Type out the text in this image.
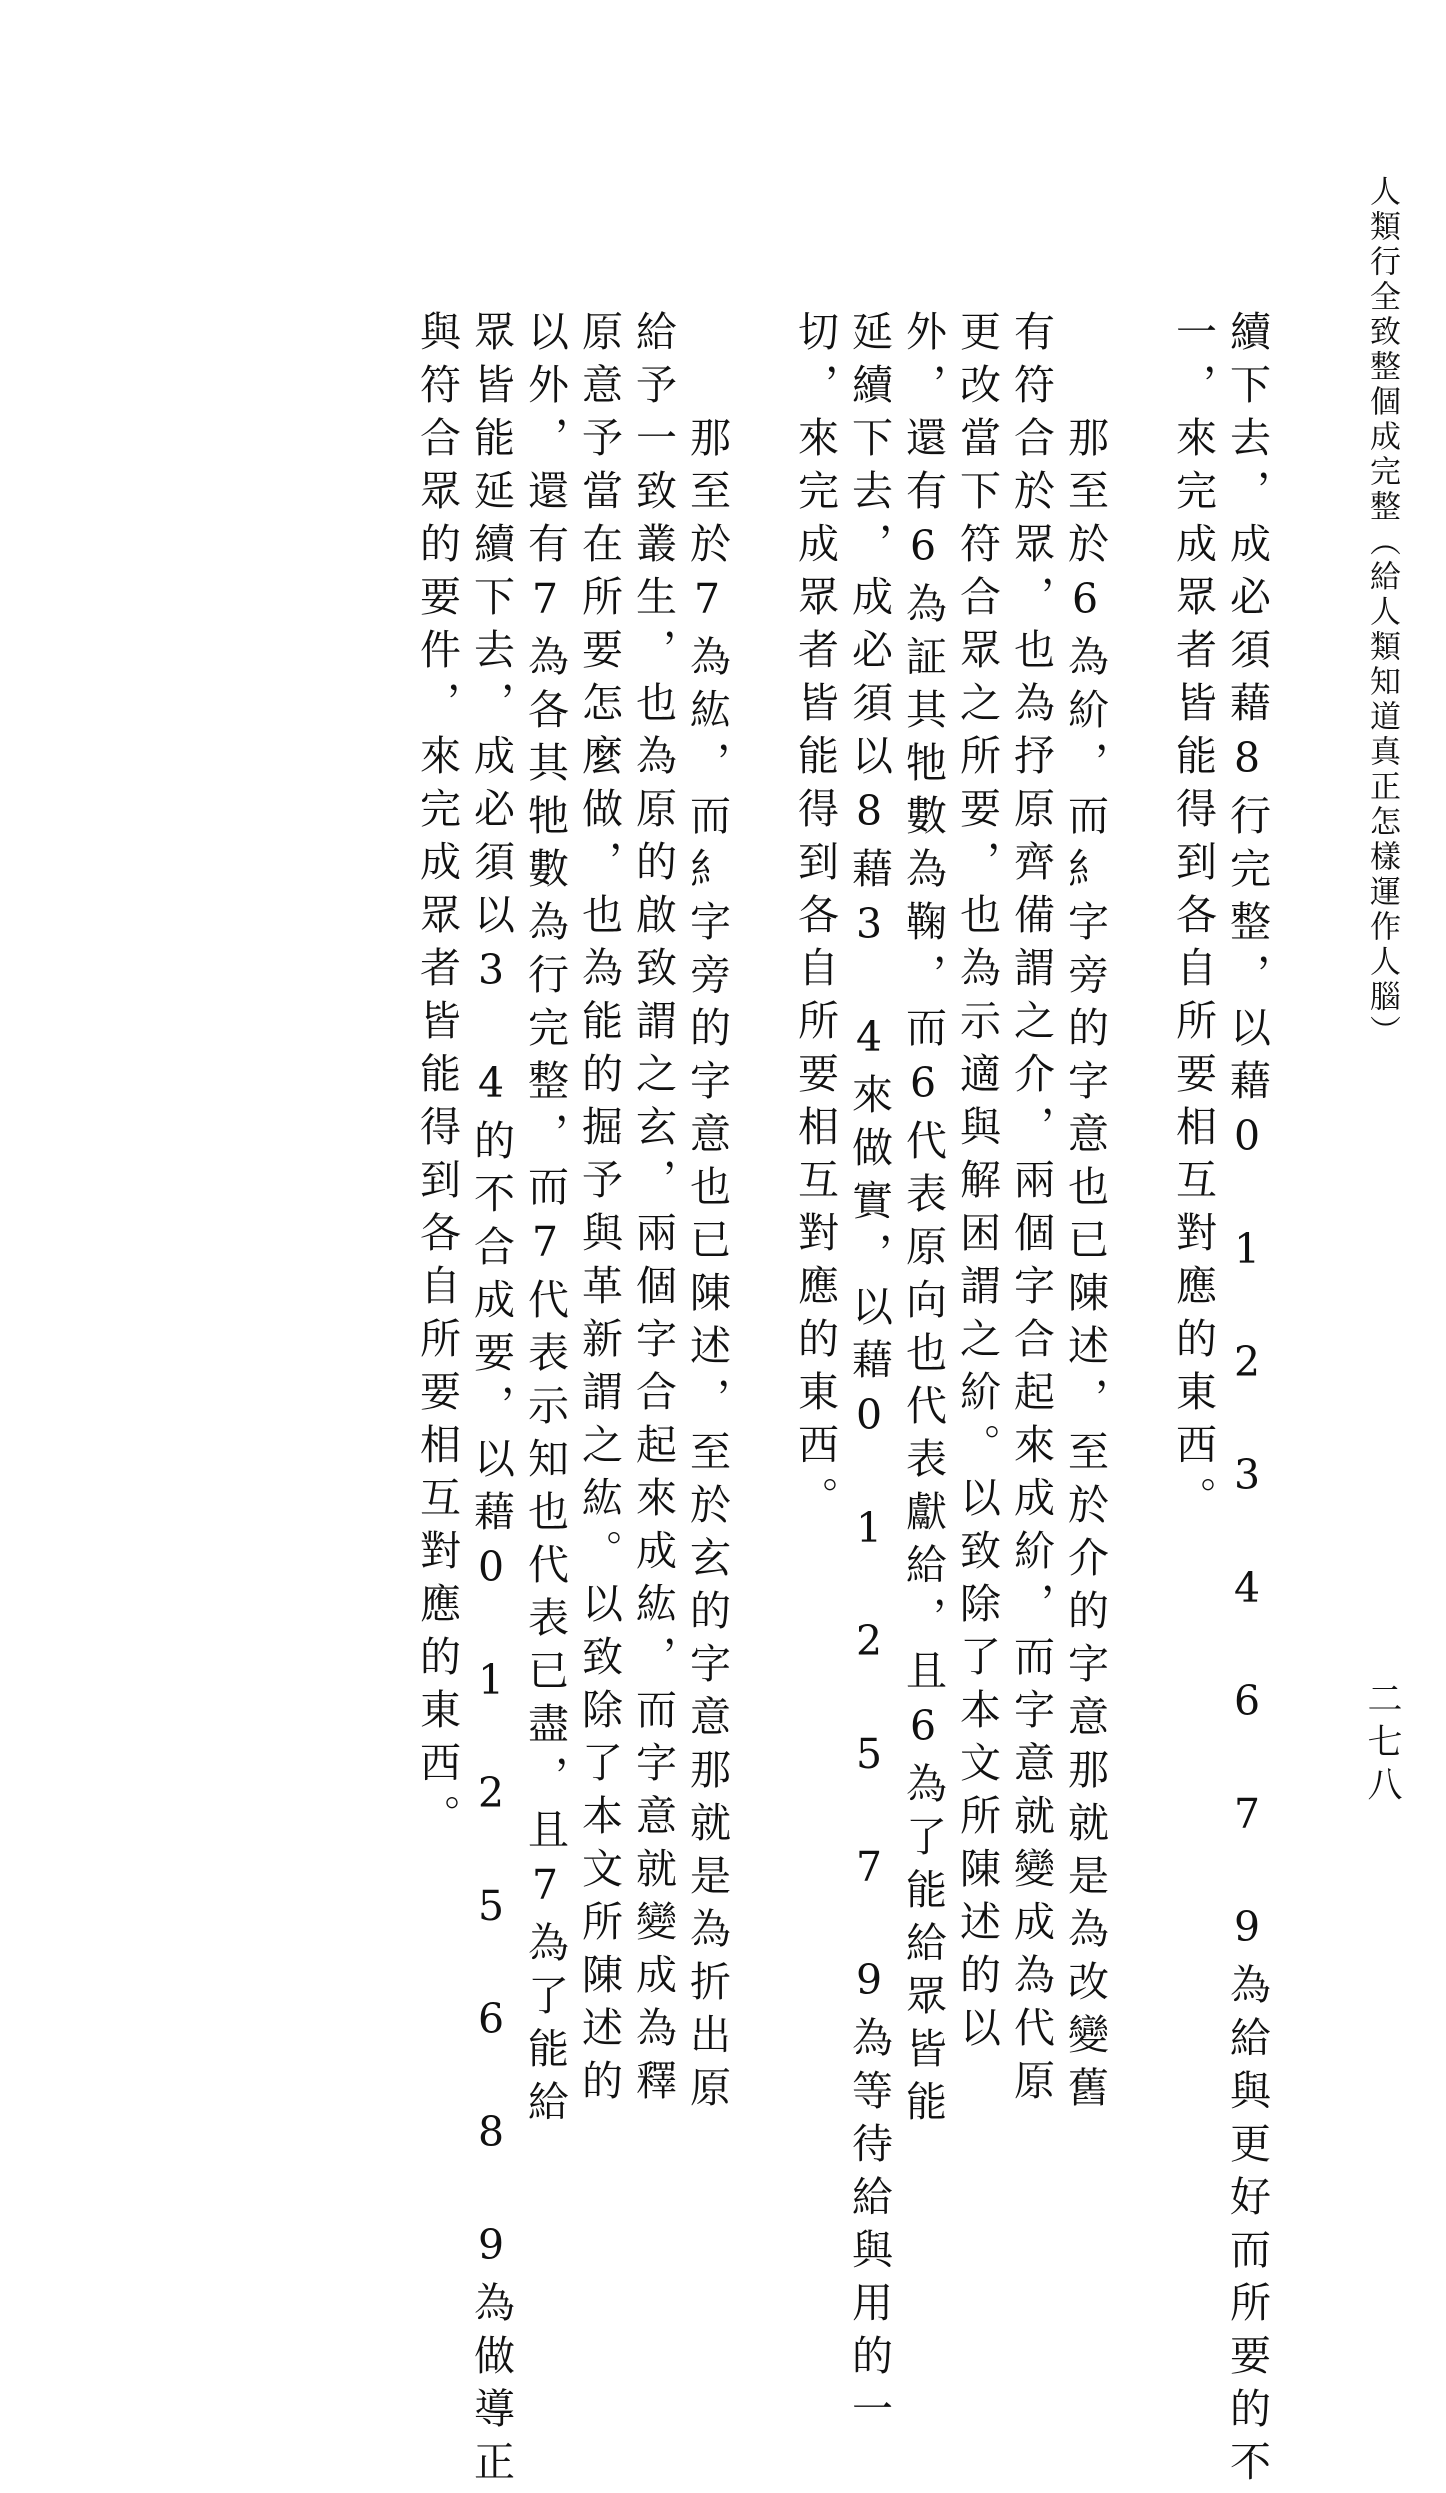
人類行全致整個成完整（給人類知道真正怎樣運作人腦）
二七八
續下去，成必須藉8行完整，以藉0　1　2　3　4　6　7　9為給與更好而所要的不
一，來完成眾者皆能得到各自所要相互對應的東西。
　　那至於6為紒，而糹字旁的字意也已陳述，至於介的字意那就是為改變舊
有符合於眾，也為抒原齊備謂之介，兩個字合起來成紒，而字意就變成為代原
更改當下符合眾之所要，也為示適與解困謂之紒。以致除了本文所陳述的以
外，還有6為証其牠數為鞠，而6代表原向也代表獻給，且6為了能給眾皆能
延續下去，成必須以8藉3　4來做實，以藉0　1　2　5　7　9為等待給與用的一
切，來完成眾者皆能得到各自所要相互對應的東西。
　　那至於7為紘，而糹字旁的字意也已陳述，至於玄的字意那就是為折出原
給予一致叢生，也為原的啟致謂之玄，兩個字合起來成紘，而字意就變成為釋
原意予當在所要怎麼做，也為能的掘予與革新謂之紘。以致除了本文所陳述的
以外，還有7為各其牠數為行完整，而7代表示知也代表已盡，且7為了能給
眾皆能延續下去，成必須以3　4的不合成要，以藉0　1　2　5　6　8　9為做導正
與符合眾的要件，來完成眾者皆能得到各自所要相互對應的東西。
